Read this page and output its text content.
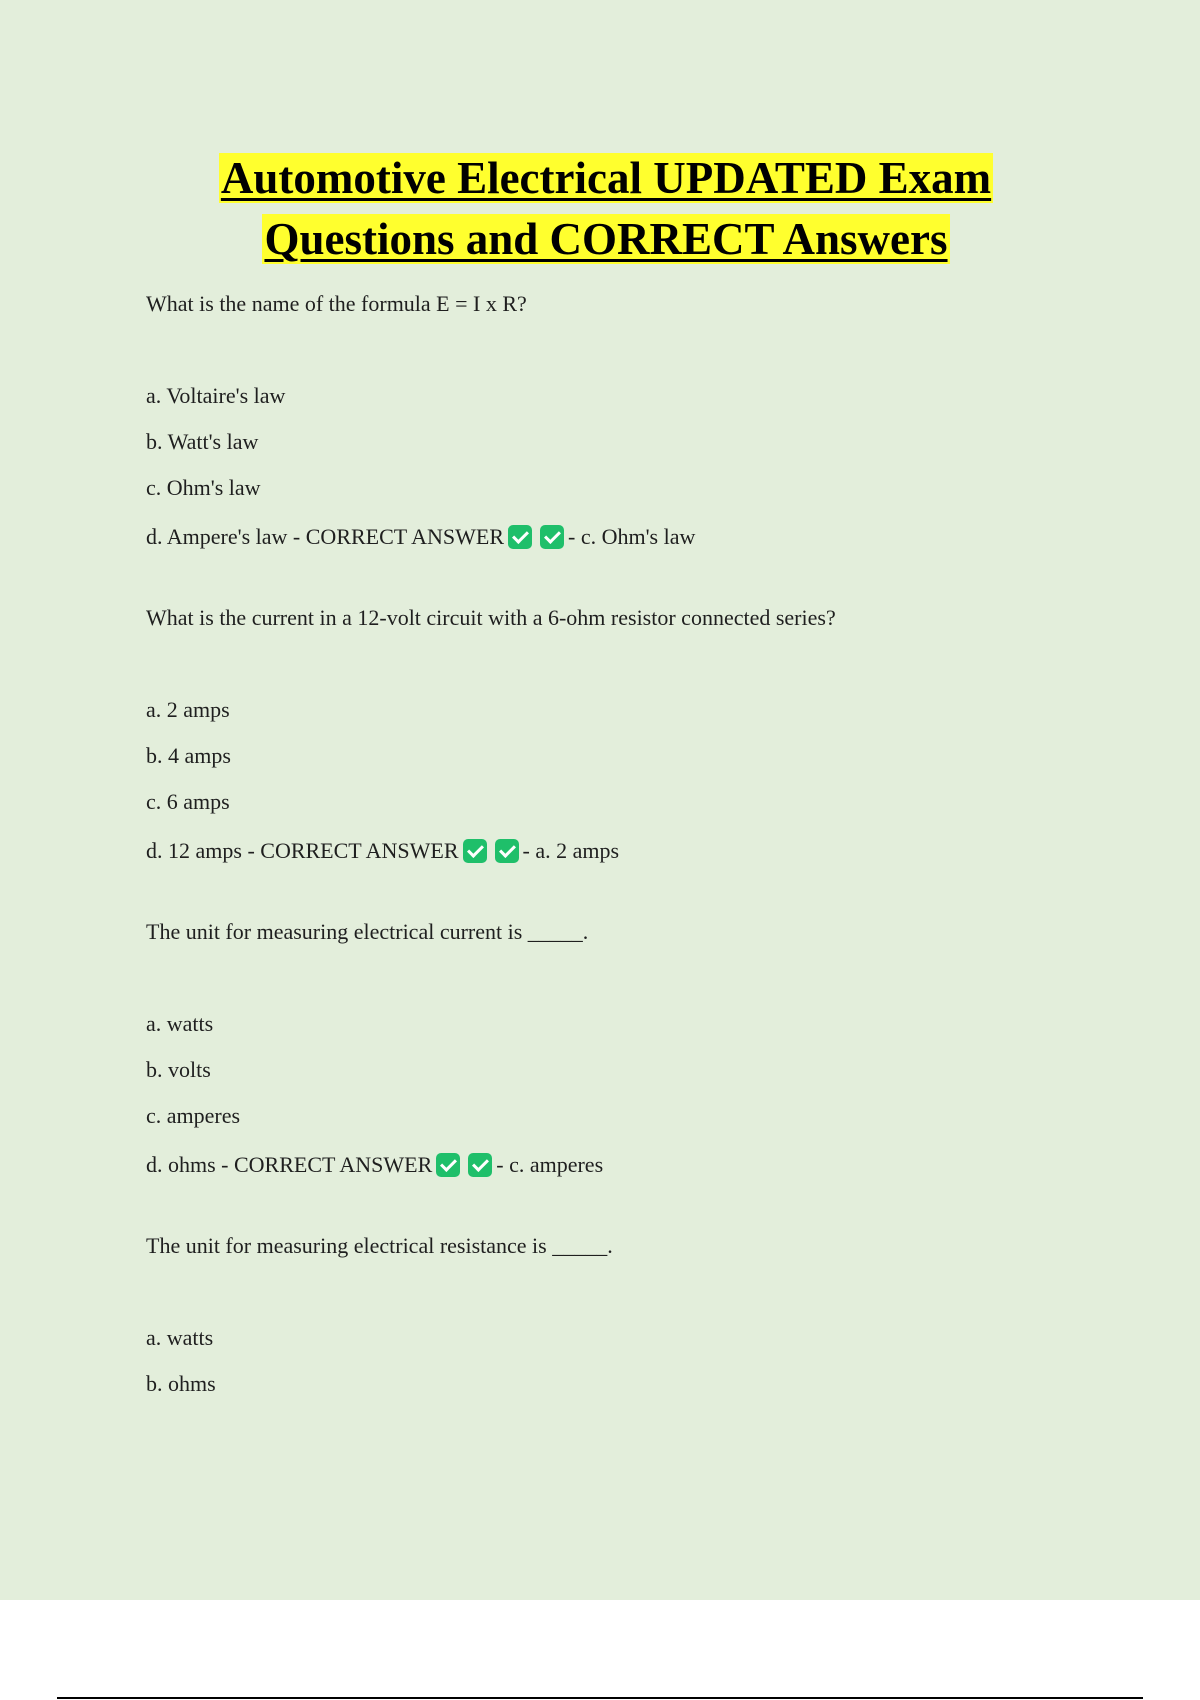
Automotive Electrical UPDATED Exam
Questions and CORRECT Answers

What is the name of the formula E = I x R?

a. Voltaire's law
b. Watt's law
c. Ohm's law
d. Ampere's law - CORRECT ANSWER	- c. Ohm's law

What is the current in a 12-volt circuit with a 6-ohm resistor connected series?

a. 2 amps
b. 4 amps
c. 6 amps
d. 12 amps - CORRECT ANSWER	- a. 2 amps

The unit for measuring electrical current is _____.

a. watts
b. volts
c. amperes
d. ohms - CORRECT ANSWER	- c. amperes

The unit for measuring electrical resistance is _____.

a. watts
b. ohms
